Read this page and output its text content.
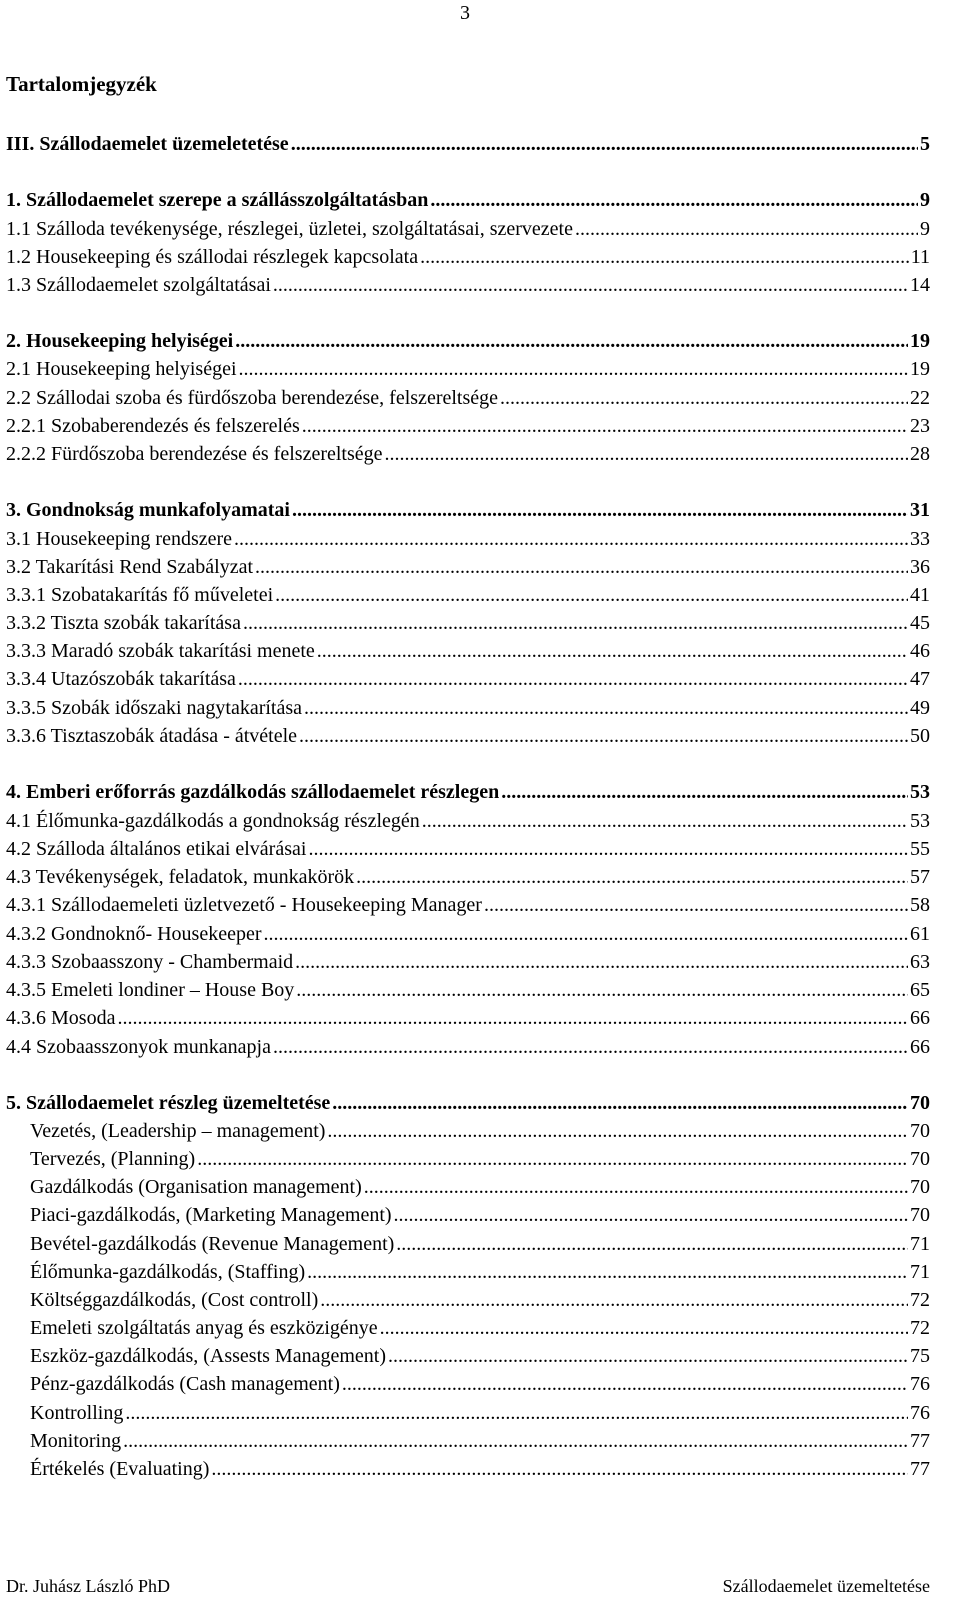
3
Tartalomjegyzék
III. Szállodaemelet üzemeletetése .....	5
1. Szállodaemelet szerepe a szállásszolgáltatásban .....	9
1.1 Szálloda tevékenysége, részlegei, üzletei, szolgáltatásai, szervezete .....	9
1.2 Housekeeping és szállodai részlegek kapcsolata .....	11
1.3 Szállodaemelet szolgáltatásai .....	14
2. Housekeeping helyiségei .....	19
2.1 Housekeeping helyiségei .....	19
2.2 Szállodai szoba és fürdőszoba berendezése, felszereltsége .....	22
2.2.1 Szobaberendezés és felszerelés .....	23
2.2.2 Fürdőszoba berendezése és felszereltsége .....	28
3. Gondnokság munkafolyamatai .....	31
3.1 Housekeeping rendszere .....	33
3.2 Takarítási Rend Szabályzat .....	36
3.3.1 Szobatakarítás fő műveletei .....	41
3.3.2 Tiszta szobák takarítása .....	45
3.3.3 Maradó szobák takarítási menete .....	46
3.3.4 Utazószobák takarítása .....	47
3.3.5 Szobák időszaki nagytakarítása .....	49
3.3.6 Tisztaszobák átadása - átvétele .....	50
4. Emberi erőforrás gazdálkodás szállodaemelet részlegen .....	53
4.1 Élőmunka-gazdálkodás a gondnokság részlegén .....	53
4.2 Szálloda általános etikai elvárásai .....	55
4.3 Tevékenységek, feladatok, munkakörök .....	57
4.3.1 Szállodaemeleti üzletvezető - Housekeeping Manager .....	58
4.3.2 Gondnoknő- Housekeeper .....	61
4.3.3 Szobaasszony - Chambermaid .....	63
4.3.5 Emeleti londiner – House Boy .....	65
4.3.6 Mosoda .....	66
4.4 Szobaasszonyok munkanapja .....	66
5. Szállodaemelet részleg üzemeltetése .....	70
Vezetés, (Leadership – management) .....	70
Tervezés, (Planning) .....	70
Gazdálkodás (Organisation management) .....	70
Piaci-gazdálkodás, (Marketing Management) .....	70
Bevétel-gazdálkodás (Revenue Management) .....	71
Élőmunka-gazdálkodás, (Staffing) .....	71
Költséggazdálkodás, (Cost controll) .....	72
Emeleti szolgáltatás anyag és eszközigénye .....	72
Eszköz-gazdálkodás, (Assests Management) .....	75
Pénz-gazdálkodás (Cash management) .....	76
Kontrolling .....	76
Monitoring .....	77
Értékelés (Evaluating) .....	77
Dr. Juhász László PhD	Szállodaemelet üzemeltetése
